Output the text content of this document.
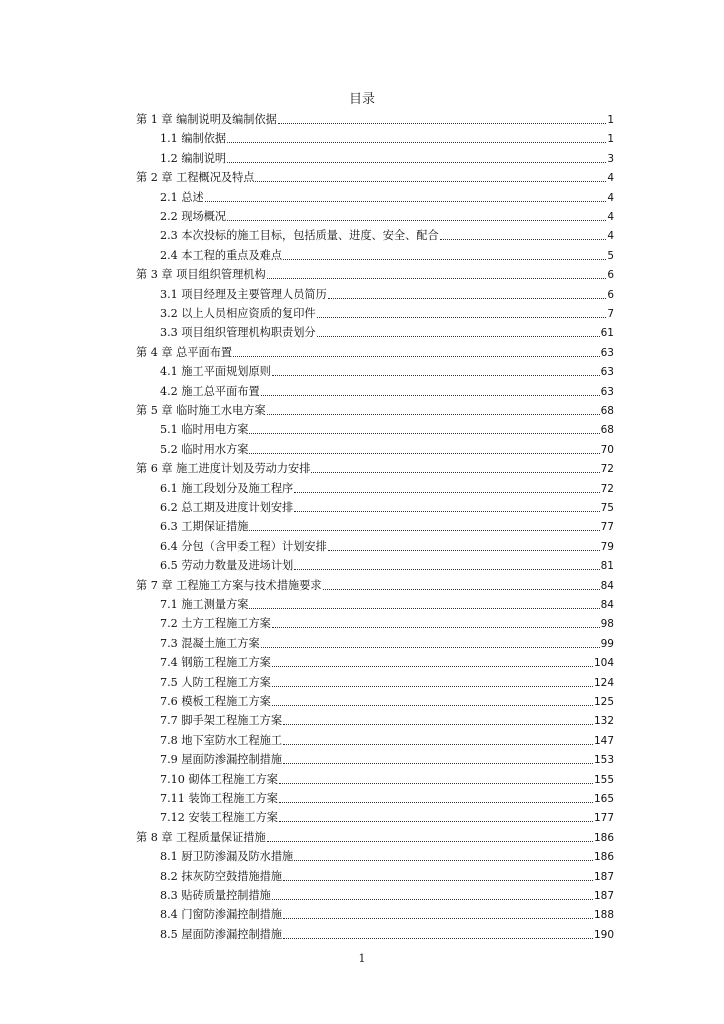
目录
第 1 章 编制说明及编制依据	1
1.1 编制依据	1
1.2 编制说明	3
第 2 章 工程概况及特点	4
2.1 总述	4
2.2 现场概况	4
2.3 本次投标的施工目标，包括质量、进度、安全、配合	4
2.4 本工程的重点及难点	5
第 3 章 项目组织管理机构	6
3.1 项目经理及主要管理人员简历	6
3.2 以上人员相应资质的复印件	7
3.3 项目组织管理机构职责划分	61
第 4 章 总平面布置	63
4.1 施工平面规划原则	63
4.2 施工总平面布置	63
第 5 章 临时施工水电方案	68
5.1 临时用电方案	68
5.2 临时用水方案	70
第 6 章 施工进度计划及劳动力安排	72
6.1 施工段划分及施工程序	72
6.2 总工期及进度计划安排	75
6.3 工期保证措施	77
6.4 分包（含甲委工程）计划安排	79
6.5 劳动力数量及进场计划	81
第 7 章 工程施工方案与技术措施要求	84
7.1 施工测量方案	84
7.2 土方工程施工方案	98
7.3 混凝土施工方案	99
7.4 钢筋工程施工方案	104
7.5 人防工程施工方案	124
7.6 模板工程施工方案	125
7.7 脚手架工程施工方案	132
7.8 地下室防水工程施工	147
7.9 屋面防渗漏控制措施	153
7.10 砌体工程施工方案	155
7.11 装饰工程施工方案	165
7.12 安装工程施工方案	177
第 8 章 工程质量保证措施	186
8.1 厨卫防渗漏及防水措施	186
8.2 抹灰防空鼓措施措施	187
8.3 贴砖质量控制措施	187
8.4 门窗防渗漏控制措施	188
8.5 屋面防渗漏控制措施	190
1
